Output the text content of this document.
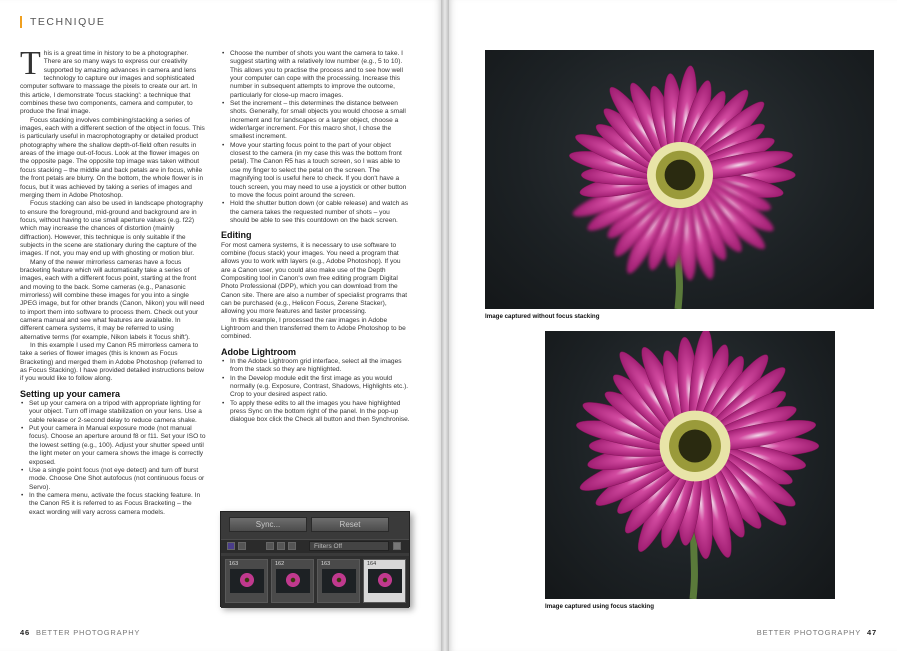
TECHNIQUE

This is a great time in history to be a photographer. There are so many ways to express our creativity supported by amazing advances in camera and lens technology to capture our images and sophisticated computer software to massage the pixels to create our art. In this article, I demonstrate 'focus stacking': a technique that combines these two components, camera and computer, to produce the final image.

Focus stacking involves combining/stacking a series of images, each with a different section of the object in focus. This is particularly useful in macrophotography or detailed product photography where the shallow depth-of-field often results in areas of the image out-of-focus. Look at the flower images on the opposite page. The opposite top image was taken without focus stacking – the middle and back petals are in focus, while the front petals are blurry. On the bottom, the whole flower is in focus, but it was achieved by taking a series of images and merging them in Adobe Photoshop.

Focus stacking can also be used in landscape photography to ensure the foreground, mid-ground and background are in focus, without having to use small aperture values (e.g. f22) which may increase the chances of distortion (mainly diffraction). However, this technique is only suitable if the subjects in the scene are stationary during the capture of the images. If not, you may end up with ghosting or motion blur.

Many of the newer mirrorless cameras have a focus bracketing feature which will automatically take a series of images, each with a different focus point, starting at the front and moving to the back. Some cameras (e.g., Panasonic mirrorless) will combine these images for you into a single JPEG image, but for other brands (Canon, Nikon) you will need to import them into software to process them. Check out your camera manual and see what features are available. In different camera systems, it may be referred to using alternative terms (for example, Nikon labels it 'focus shift').

In this example I used my Canon R5 mirrorless camera to take a series of flower images (this is known as Focus Bracketing) and merged them in Adobe Photoshop (referred to as Focus Stacking). I have provided detailed instructions below if you would like to follow along.

Setting up your camera
• Set up your camera on a tripod with appropriate lighting for your object. Turn off image stabilization on your lens. Use a cable release or 2-second delay to reduce camera shake.
• Put your camera in Manual exposure mode (not manual focus). Choose an aperture around f8 or f11. Set your ISO to the lowest setting (e.g., 100). Adjust your shutter speed until the light meter on your camera shows the image is correctly exposed.
• Use a single point focus (not eye detect) and turn off burst mode. Choose One Shot autofocus (not continuous focus or Servo).
• In the camera menu, activate the focus stacking feature. In the Canon R5 it is referred to as Focus Bracketing – the exact wording will vary across camera models.
• Choose the number of shots you want the camera to take. I suggest starting with a relatively low number (e.g., 5 to 10). This allows you to practise the process and to see how well your computer can cope with the processing. Increase this number in subsequent attempts to improve the outcome, particularly for close-up macro images.
• Set the increment – this determines the distance between shots. Generally, for small objects you would choose a small increment and for landscapes or a larger object, choose a wider/larger increment. For this macro shot, I chose the smallest increment.
• Move your starting focus point to the part of your object closest to the camera (in my case this was the bottom front petal). The Canon R5 has a touch screen, so I was able to use my finger to select the petal on the screen. The magnifying tool is useful here to check. If you don't have a touch screen, you may need to use a joystick or other button to move the focus point around the screen.
• Hold the shutter button down (or cable release) and watch as the camera takes the requested number of shots – you should be able to see this countdown on the back screen.
Editing

For most camera systems, it is necessary to use software to combine (focus stack) your images. You need a program that allows you to work with layers (e.g., Adobe Photoshop). If you are a Canon user, you could also make use of the Depth Compositing tool in Canon's own free editing program Digital Photo Professional (DPP), which you can download from the Canon site. There are also a number of specialist programs that can be purchased (e.g., Helicon Focus, Zerene Stacker), allowing you more features and faster processing.

In this example, I processed the raw images in Adobe Lightroom and then transferred them to Adobe Photoshop to be combined.

Adobe Lightroom
• In the Adobe Lightroom grid interface, select all the images from the stack so they are highlighted.
• In the Develop module edit the first image as you would normally (e.g. Exposure, Contrast, Shadows, Highlights etc.). Crop to your desired aspect ratio.
• To apply these edits to all the images you have highlighted press Sync on the bottom right of the panel. In the pop-up dialogue box click the Check all button and then Synchronise.
Sync...	Reset
Filters Off
163	162	163	164
46 BETTER PHOTOGRAPHY
Image captured without focus stacking
Image captured using focus stacking
BETTER PHOTOGRAPHY 47
